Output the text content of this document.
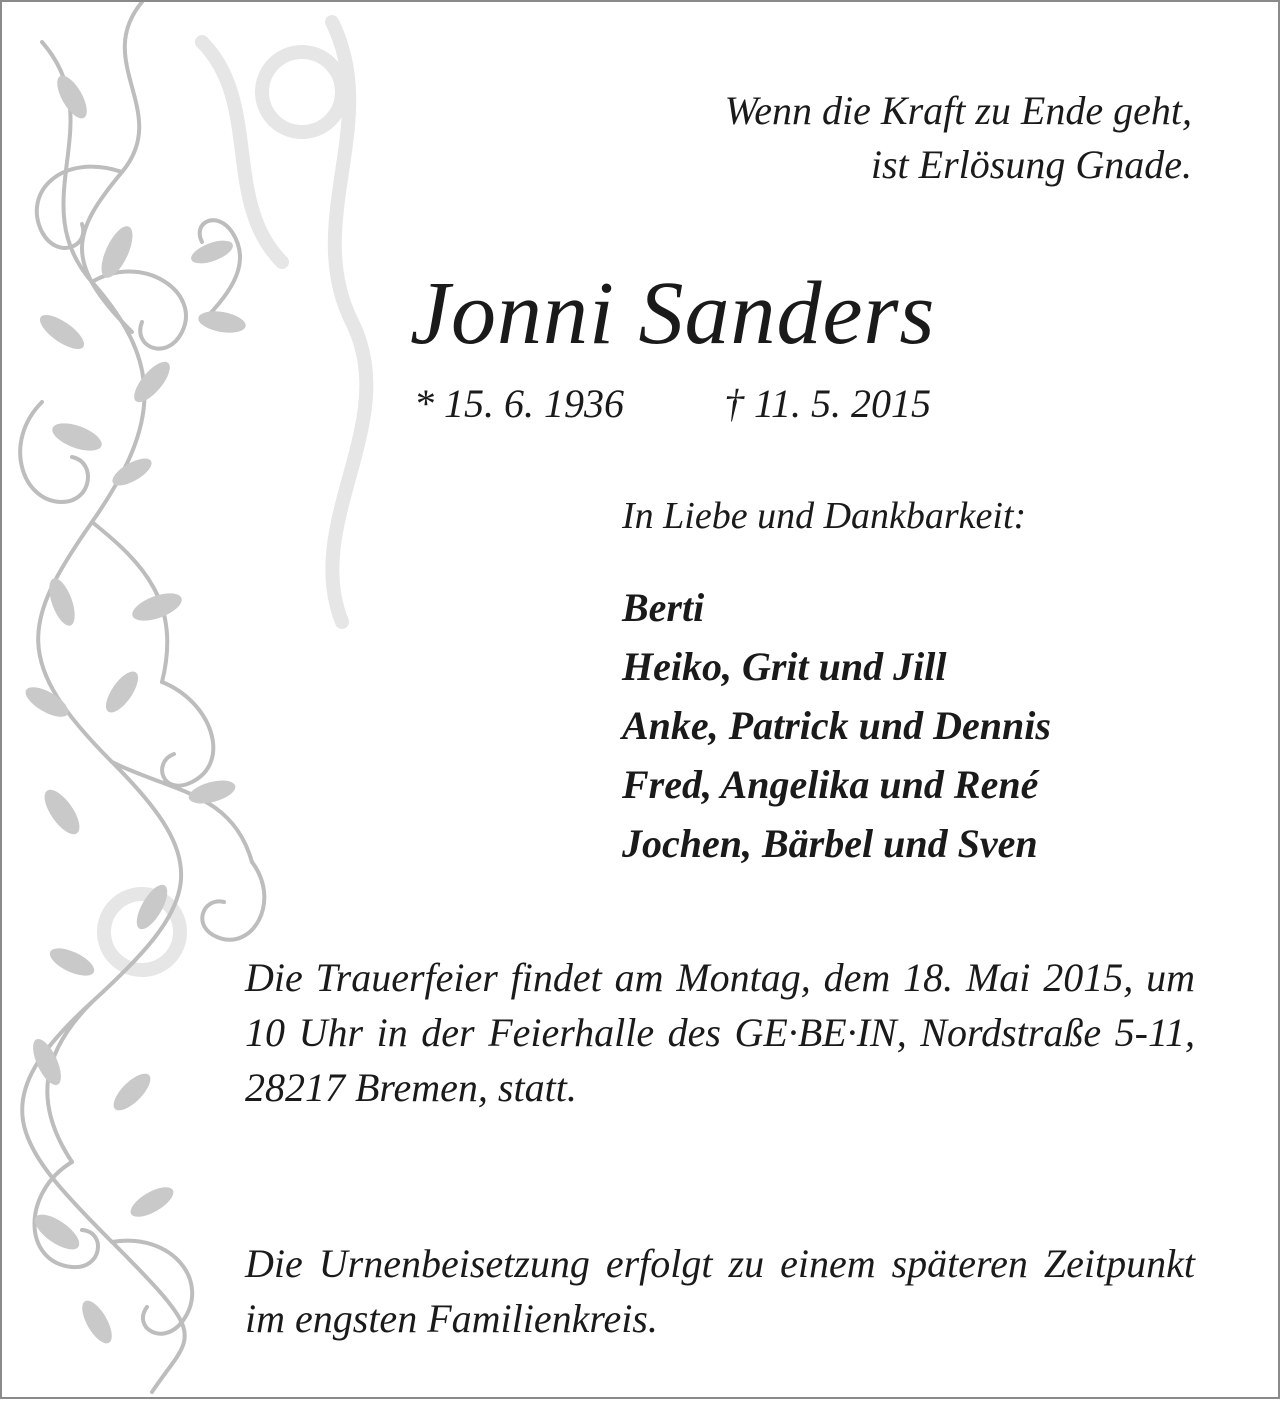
Wenn die Kraft zu Ende geht,
ist Erlösung Gnade.
Jonni Sanders
* 15. 6. 1936	† 11. 5. 2015
In Liebe und Dankbarkeit:
Berti
Heiko, Grit und Jill
Anke, Patrick und Dennis
Fred, Angelika und René
Jochen, Bärbel und Sven
Die Trauerfeier findet am Montag, dem 18. Mai 2015, um 10 Uhr in der Feierhalle des GE·BE·IN, Nordstraße 5-11, 28217 Bremen, statt.
Die Urnenbeisetzung erfolgt zu einem späteren Zeitpunkt im engsten Familienkreis.
